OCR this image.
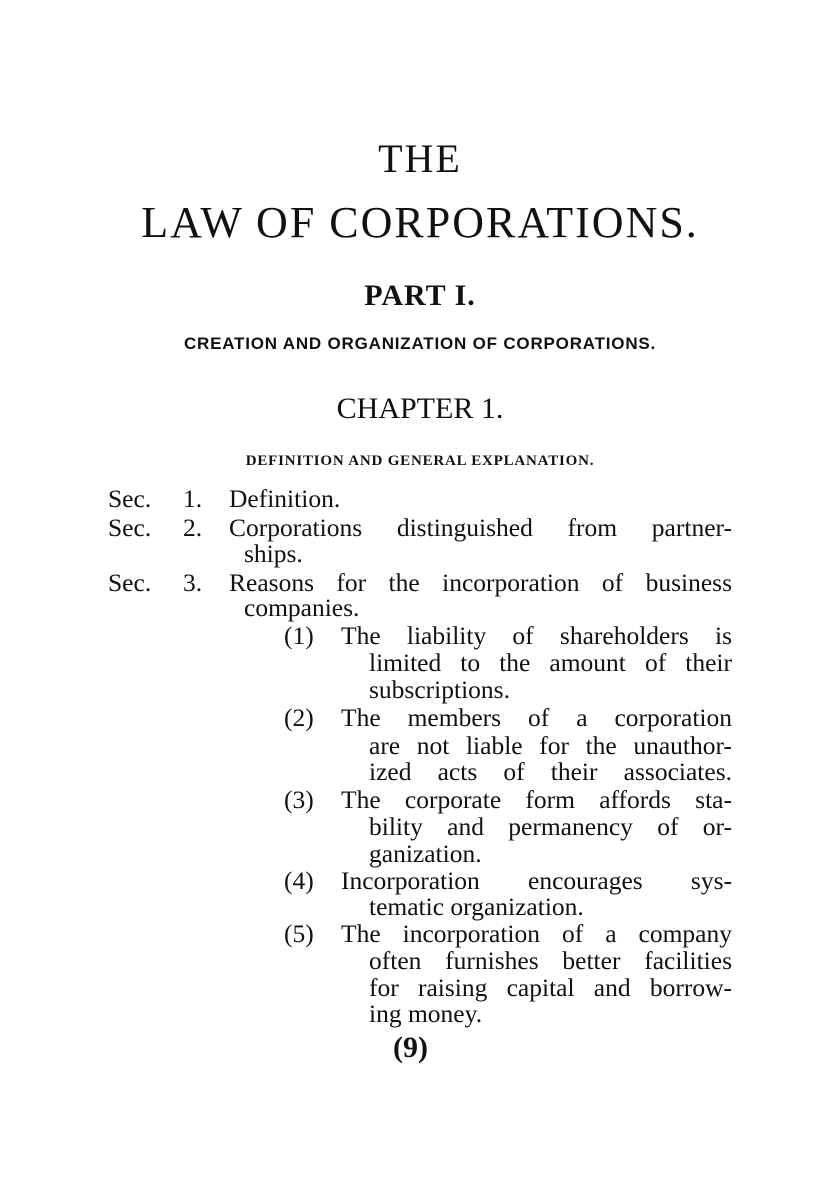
THE
LAW OF CORPORATIONS.
PART I.
CREATION AND ORGANIZATION OF CORPORATIONS.
CHAPTER 1.
DEFINITION AND GENERAL EXPLANATION.
Sec. 1. Definition.
Sec. 2. Corporations distinguished from partner-
ships.
Sec. 3. Reasons for the incorporation of business
companies.
(1) The liability of shareholders is
limited to the amount of their
subscriptions.
(2) The members of a corporation
are not liable for the unauthor-
ized acts of their associates.
(3) The corporate form affords sta-
bility and permanency of or-
ganization.
(4) Incorporation encourages sys-
tematic organization.
(5) The incorporation of a company
often furnishes better facilities
for raising capital and borrow-
ing money.
(9)
